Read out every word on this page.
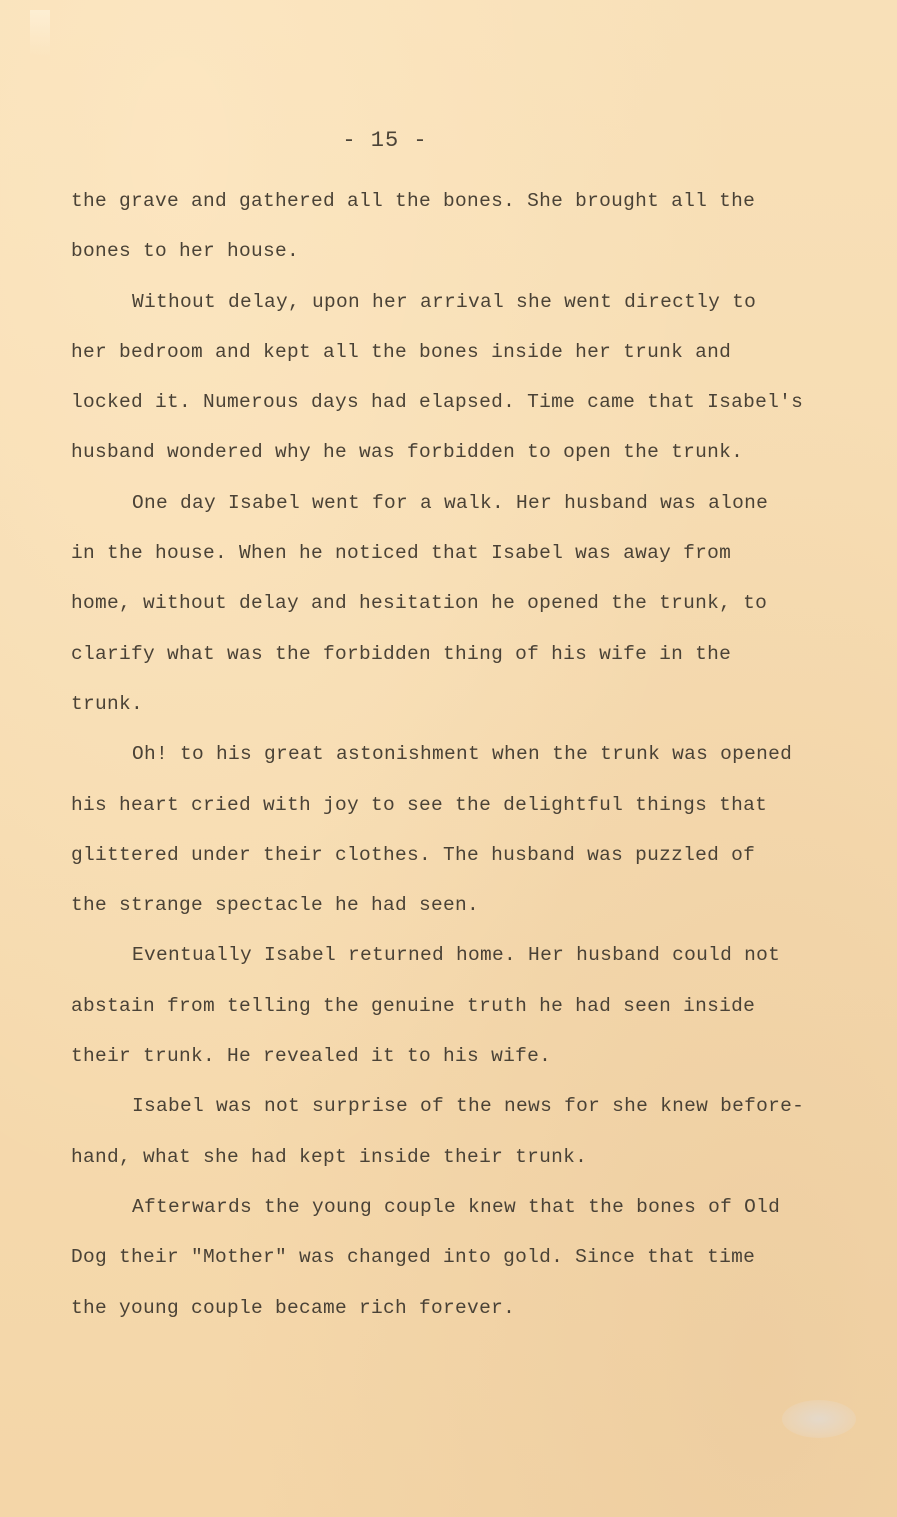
- 15 -
the grave and gathered all the bones. She brought all the
bones to her house.
Without delay, upon her arrival she went directly to
her bedroom and kept all the bones inside her trunk and
locked it. Numerous days had elapsed. Time came that Isabel's
husband wondered why he was forbidden to open the trunk.
One day Isabel went for a walk. Her husband was alone
in the house. When he noticed that Isabel was away from
home, without delay and hesitation he opened the trunk, to
clarify what was the forbidden thing of his wife in the
trunk.
Oh! to his great astonishment when the trunk was opened
his heart cried with joy to see the delightful things that
glittered under their clothes. The husband was puzzled of
the strange spectacle he had seen.
Eventually Isabel returned home. Her husband could not
abstain from telling the genuine truth he had seen inside
their trunk. He revealed it to his wife.
Isabel was not surprise of the news for she knew before-
hand, what she had kept inside their trunk.
Afterwards the young couple knew that the bones of Old
Dog their "Mother" was changed into gold. Since that time
the young couple became rich forever.
